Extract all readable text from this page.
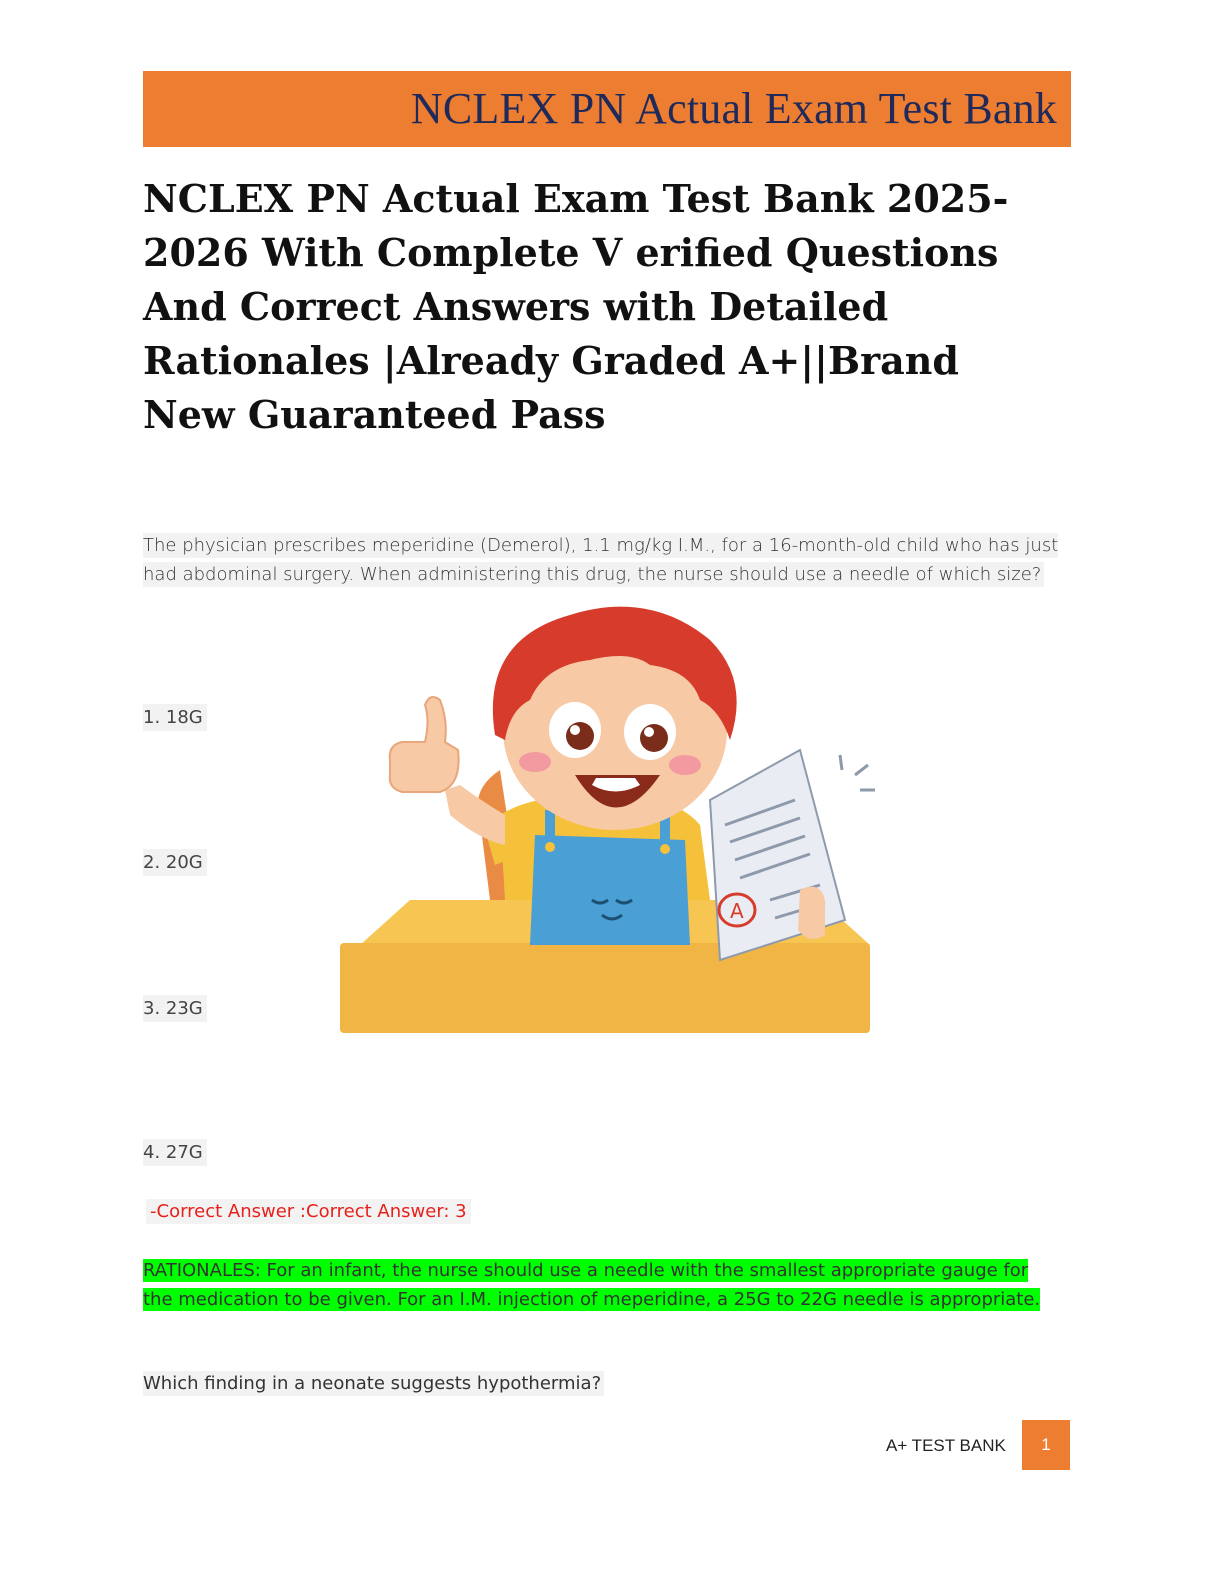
NCLEX PN Actual Exam Test Bank
NCLEX PN Actual Exam Test Bank 2025-2026 With Complete V erified Questions And Correct Answers with Detailed Rationales |Already Graded A+||Brand New Guaranteed Pass
The physician prescribes meperidine (Demerol), 1.1 mg/kg I.M., for a 16-month-old child who has just had abdominal surgery. When administering this drug, the nurse should use a needle of which size?
1. 18G
2. 20G
3. 23G
4. 27G
-Correct Answer :Correct Answer: 3
RATIONALES: For an infant, the nurse should use a needle with the smallest appropriate gauge for the medication to be given. For an I.M. injection of meperidine, a 25G to 22G needle is appropriate.
Which finding in a neonate suggests hypothermia?
A
A+ TEST BANK	1
